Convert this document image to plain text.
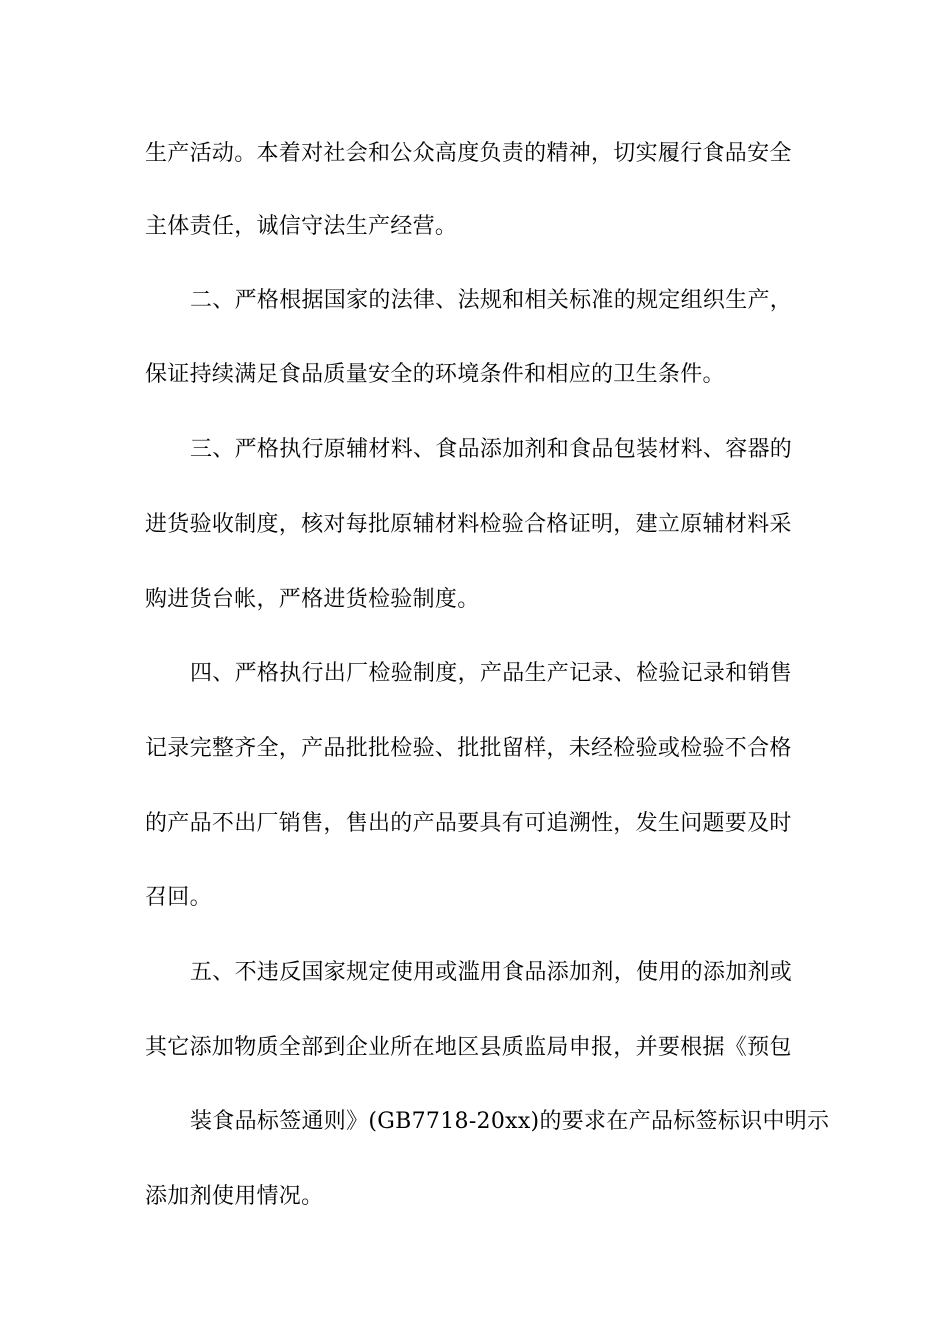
生产活动。本着对社会和公众高度负责的精神，切实履行食品安全
主体责任，诚信守法生产经营。
二、严格根据国家的法律、法规和相关标准的规定组织生产，
保证持续满足食品质量安全的环境条件和相应的卫生条件。
三、严格执行原辅材料、食品添加剂和食品包装材料、容器的
进货验收制度，核对每批原辅材料检验合格证明，建立原辅材料采
购进货台帐，严格进货检验制度。
四、严格执行出厂检验制度，产品生产记录、检验记录和销售
记录完整齐全，产品批批检验、批批留样，未经检验或检验不合格
的产品不出厂销售，售出的产品要具有可追溯性，发生问题要及时
召回。
五、不违反国家规定使用或滥用食品添加剂，使用的添加剂或
其它添加物质全部到企业所在地区县质监局申报，并要根据《预包
装食品标签通则》(GB7718-20xx)的要求在产品标签标识中明示
添加剂使用情况。
